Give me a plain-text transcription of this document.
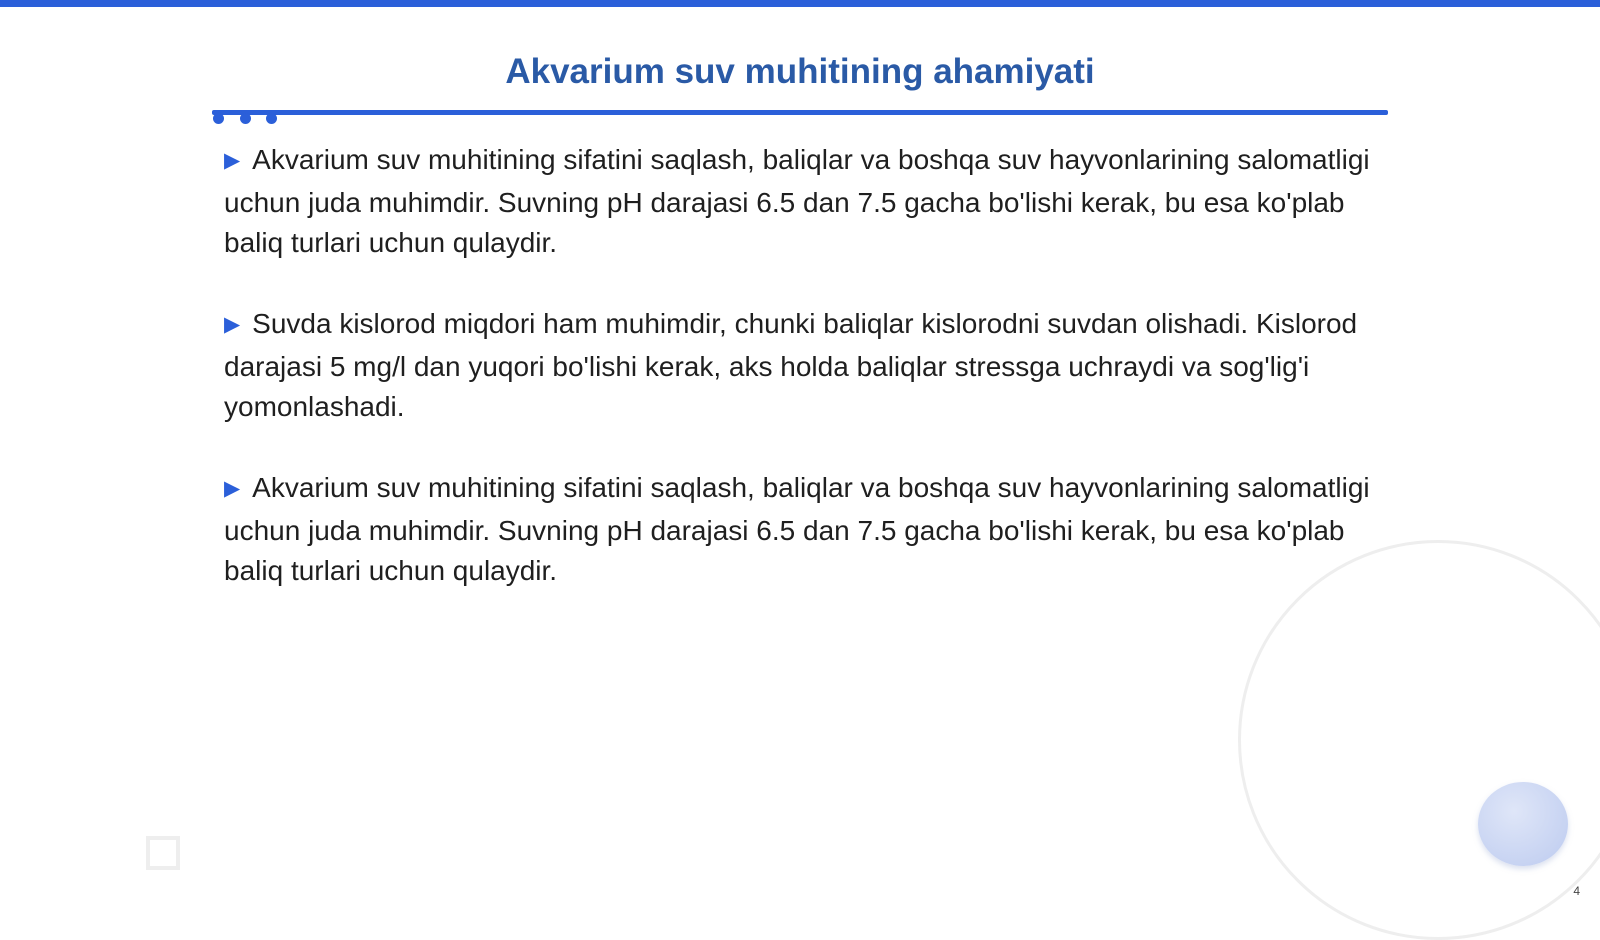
Akvarium suv muhitining ahamiyati

▶ Akvarium suv muhitining sifatini saqlash, baliqlar va boshqa suv hayvonlarining salomatligi uchun juda muhimdir. Suvning pH darajasi 6.5 dan 7.5 gacha bo'lishi kerak, bu esa ko'plab baliq turlari uchun qulaydir.

▶ Suvda kislorod miqdori ham muhimdir, chunki baliqlar kislorodni suvdan olishadi. Kislorod darajasi 5 mg/l dan yuqori bo'lishi kerak, aks holda baliqlar stressga uchraydi va sog'lig'i yomonlashadi.

▶ Akvarium suv muhitining sifatini saqlash, baliqlar va boshqa suv hayvonlarining salomatligi uchun juda muhimdir. Suvning pH darajasi 6.5 dan 7.5 gacha bo'lishi kerak, bu esa ko'plab baliq turlari uchun qulaydir.

4
